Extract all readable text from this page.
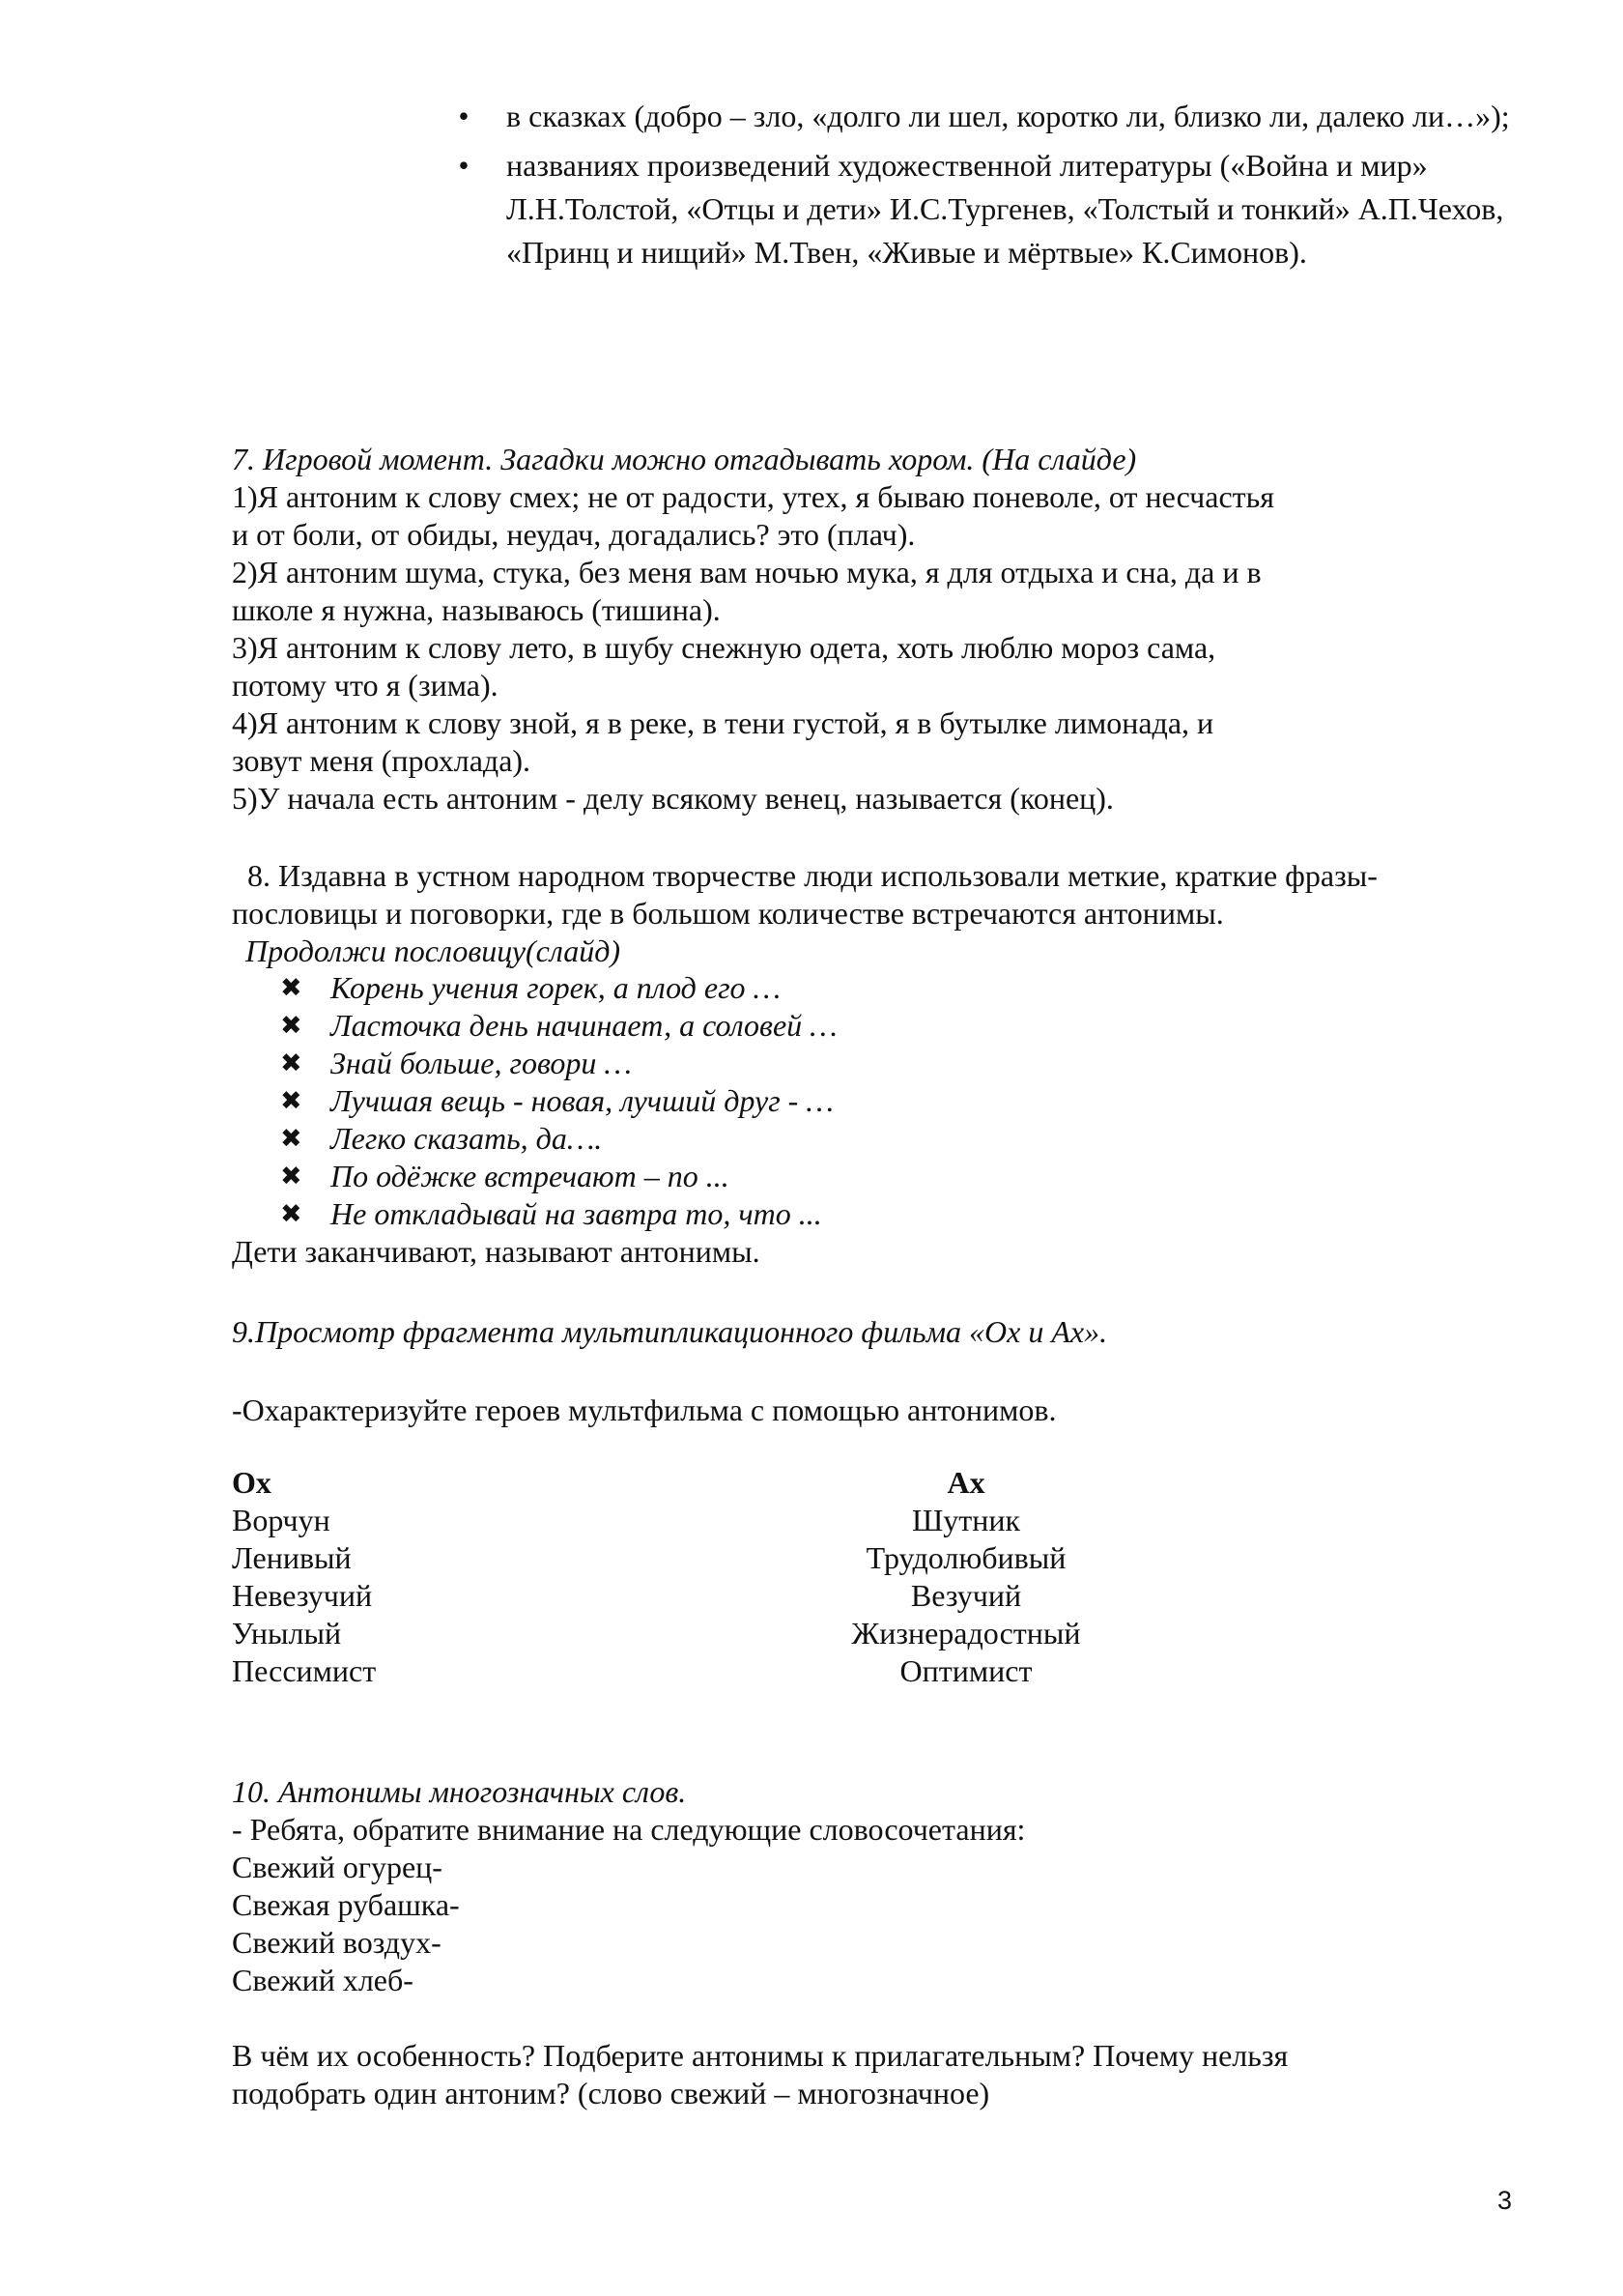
• в сказках (добро – зло, «долго ли шел, коротко ли, близко ли, далеко ли…»);
• названиях произведений художественной литературы («Война и мир» Л.Н.Толстой, «Отцы и дети» И.С.Тургенев, «Толстый и тонкий» А.П.Чехов, «Принц и нищий» М.Твен, «Живые и мёртвые» К.Симонов).
7. Игровой момент. Загадки можно отгадывать хором. (На слайде)
1)Я антоним к слову смех; не от радости, утех, я бываю поневоле, от несчастья
и от боли, от обиды, неудач, догадались? это (плач).
2)Я антоним шума, стука, без меня вам ночью мука, я для отдыха и сна, да и в
школе я нужна, называюсь (тишина).
3)Я антоним к слову лето, в шубу снежную одета, хоть люблю мороз сама,
потому что я (зима).
4)Я антоним к слову зной, я в реке, в тени густой, я в бутылке лимонада, и
зовут меня (прохлада).
5)У начала есть антоним - делу всякому венец, называется (конец).
8. Издавна в устном народном творчестве люди использовали меткие, краткие фразы-
пословицы и поговорки, где в большом количестве встречаются антонимы.
Продолжи пословицу(слайд)
✖ Корень учения горек, а плод его …
✖ Ласточка день начинает, а соловей …
✖ Знай больше, говори …
✖ Лучшая вещь - новая, лучший друг - …
✖ Легко сказать, да….
✖ По одёжке встречают – по ...
✖ Не откладывай на завтра то, что ...
Дети заканчивают, называют антонимы.
9.Просмотр фрагмента мультипликационного фильма «Ох и Ах».
-Охарактеризуйте героев мультфильма с помощью антонимов.
Ох	Ах
Ворчун	Шутник
Ленивый	Трудолюбивый
Невезучий	Везучий
Унылый	Жизнерадостный
Пессимист	Оптимист
10. Антонимы многозначных слов.
- Ребята, обратите внимание на следующие словосочетания:
Свежий огурец-
Свежая рубашка-
Свежий воздух-
Свежий хлеб-
В чём их особенность? Подберите антонимы к прилагательным? Почему нельзя
подобрать один антоним? (слово свежий – многозначное)
3
